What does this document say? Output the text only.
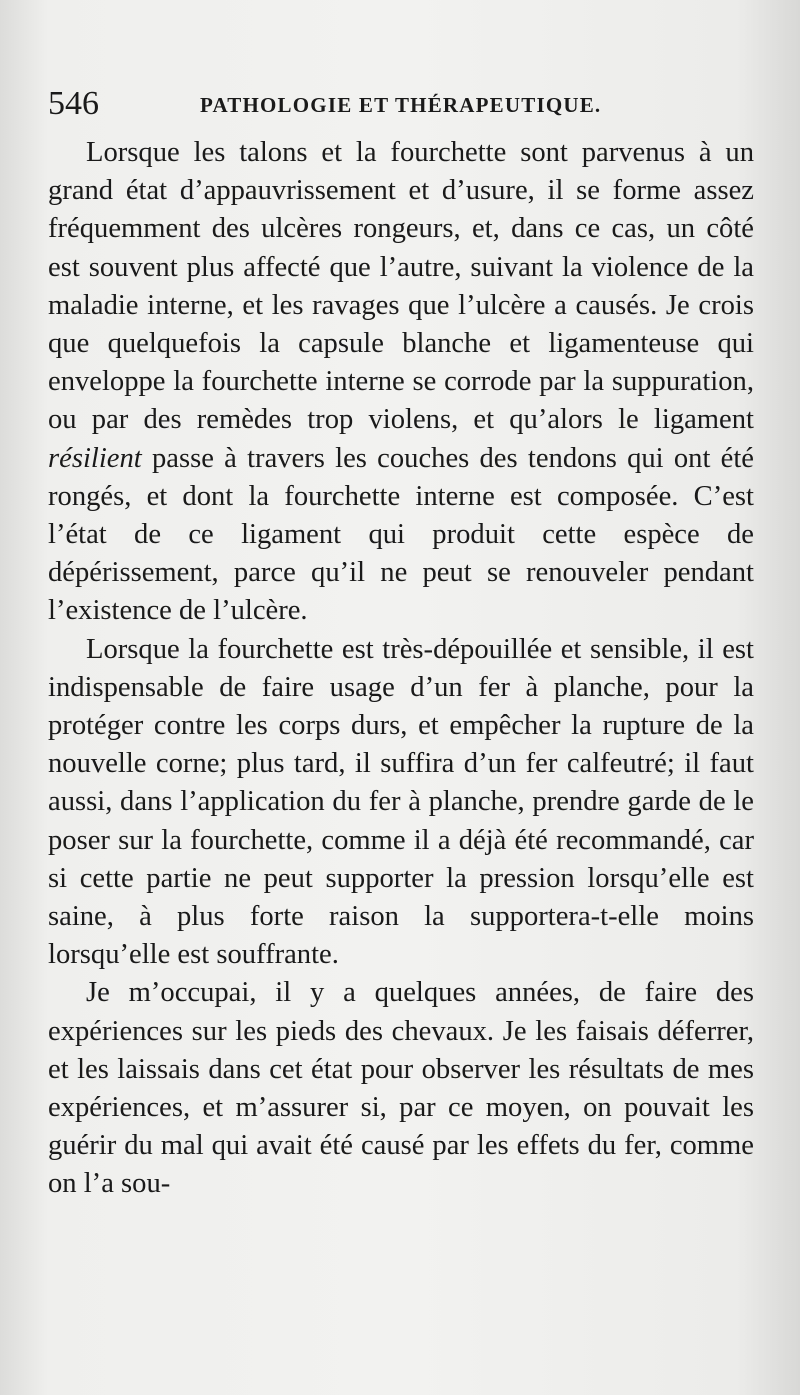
546	PATHOLOGIE ET THÉRAPEUTIQUE.

Lorsque les talons et la fourchette sont parvenus à un grand état d’appauvrissement et d’usure, il se forme assez fréquemment des ulcères rongeurs, et, dans ce cas, un côté est souvent plus affecté que l’autre, suivant la violence de la maladie interne, et les ravages que l’ulcère a causés. Je crois que quelquefois la capsule blanche et ligamenteuse qui enveloppe la fourchette interne se corrode par la suppuration, ou par des remèdes trop violens, et qu’alors le ligament résilient passe à travers les couches des tendons qui ont été rongés, et dont la fourchette interne est composée. C’est l’état de ce ligament qui produit cette espèce de dépérissement, parce qu’il ne peut se renouveler pendant l’existence de l’ulcère.

Lorsque la fourchette est très-dépouillée et sensible, il est indispensable de faire usage d’un fer à planche, pour la protéger contre les corps durs, et empêcher la rupture de la nouvelle corne; plus tard, il suffira d’un fer calfeutré; il faut aussi, dans l’application du fer à planche, prendre garde de le poser sur la fourchette, comme il a déjà été recommandé, car si cette partie ne peut supporter la pression lorsqu’elle est saine, à plus forte raison la supportera-t-elle moins lorsqu’elle est souffrante.

Je m’occupai, il y a quelques années, de faire des expériences sur les pieds des chevaux. Je les faisais déferrer, et les laissais dans cet état pour observer les résultats de mes expériences, et m’assurer si, par ce moyen, on pouvait les guérir du mal qui avait été causé par les effets du fer, comme on l’a sou-
